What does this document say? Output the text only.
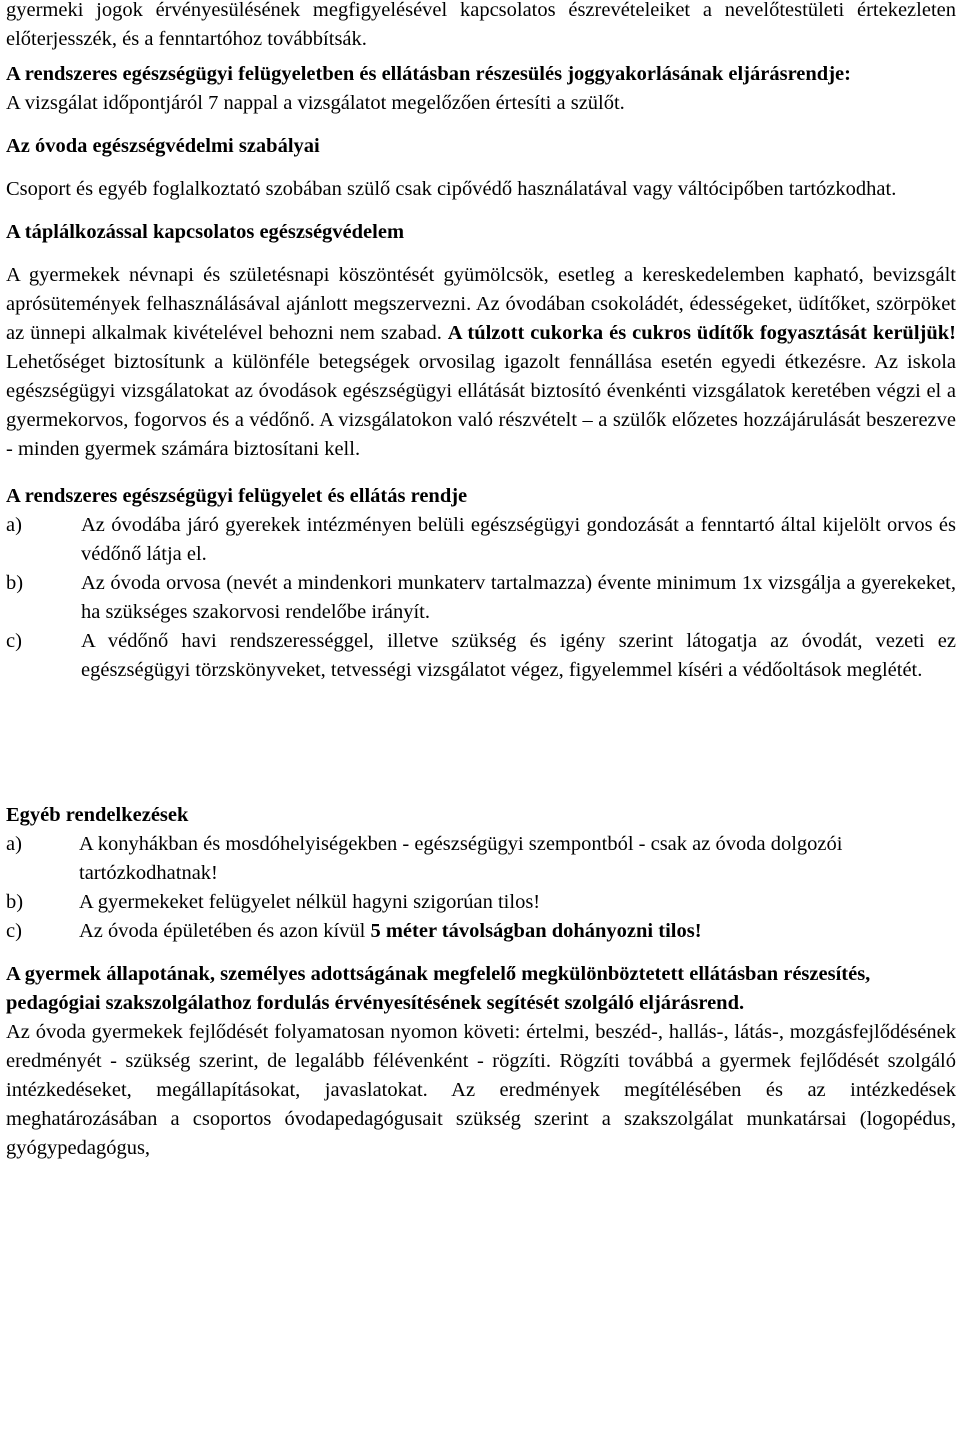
gyermeki jogok érvényesülésének megfigyelésével kapcsolatos észrevételeiket a nevelőtestületi értekezleten előterjesszék, és a fenntartóhoz továbbítsák.

A rendszeres egészségügyi felügyeletben és ellátásban részesülés joggyakorlásának eljárásrendje:

A vizsgálat időpontjáról 7 nappal a vizsgálatot megelőzően értesíti a szülőt.

Az óvoda egészségvédelmi szabályai

Csoport és egyéb foglalkoztató szobában szülő csak cipővédő használatával vagy váltócipőben tartózkodhat.

A táplálkozással kapcsolatos egészségvédelem

A gyermekek névnapi és születésnapi köszöntését gyümölcsök, esetleg a kereskedelemben kapható, bevizsgált aprósütemények felhasználásával ajánlott megszervezni. Az óvodában csokoládét, édességeket, üdítőket, szörpöket az ünnepi alkalmak kivételével behozni nem szabad. A túlzott cukorka és cukros üdítők fogyasztását kerüljük! Lehetőséget biztosítunk a különféle betegségek orvosilag igazolt fennállása esetén egyedi étkezésre. Az iskola egészségügyi vizsgálatokat az óvodások egészségügyi ellátását biztosító évenkénti vizsgálatok keretében végzi el a gyermekorvos, fogorvos és a védőnő. A vizsgálatokon való részvételt – a szülők előzetes hozzájárulását beszerezve - minden gyermek számára biztosítani kell.

A rendszeres egészségügyi felügyelet és ellátás rendje

a)	Az óvodába járó gyerekek intézményen belüli egészségügyi gondozását a fenntartó által kijelölt orvos és védőnő látja el.
b)	Az óvoda orvosa (nevét a mindenkori munkaterv tartalmazza) évente minimum 1x vizsgálja a gyerekeket, ha szükséges szakorvosi rendelőbe irányít.
c)	A védőnő havi rendszerességgel, illetve szükség és igény szerint látogatja az óvodát, vezeti ez egészségügyi törzskönyveket, tetvességi vizsgálatot végez, figyelemmel kíséri a védőoltások meglétét.

Egyéb rendelkezések

a)	A konyhákban és mosdóhelyiségekben - egészségügyi szempontból - csak az óvoda dolgozói tartózkodhatnak!
b)	A gyermekeket felügyelet nélkül hagyni szigorúan tilos!
c)	Az óvoda épületében és azon kívül 5 méter távolságban dohányozni tilos!

A gyermek állapotának, személyes adottságának megfelelő megkülönböztetett ellátásban részesítés, pedagógiai szakszolgálathoz fordulás érvényesítésének segítését szolgáló eljárásrend.

Az óvoda gyermekek fejlődését folyamatosan nyomon követi: értelmi, beszéd-, hallás-, látás-, mozgásfejlődésének eredményét - szükség szerint, de legalább félévenként - rögzíti. Rögzíti továbbá a gyermek fejlődését szolgáló intézkedéseket, megállapításokat, javaslatokat. Az eredmények megítélésében és az intézkedések meghatározásában a csoportos óvodapedagógusait szükség szerint a szakszolgálat munkatársai (logopédus, gyógypedagógus,
